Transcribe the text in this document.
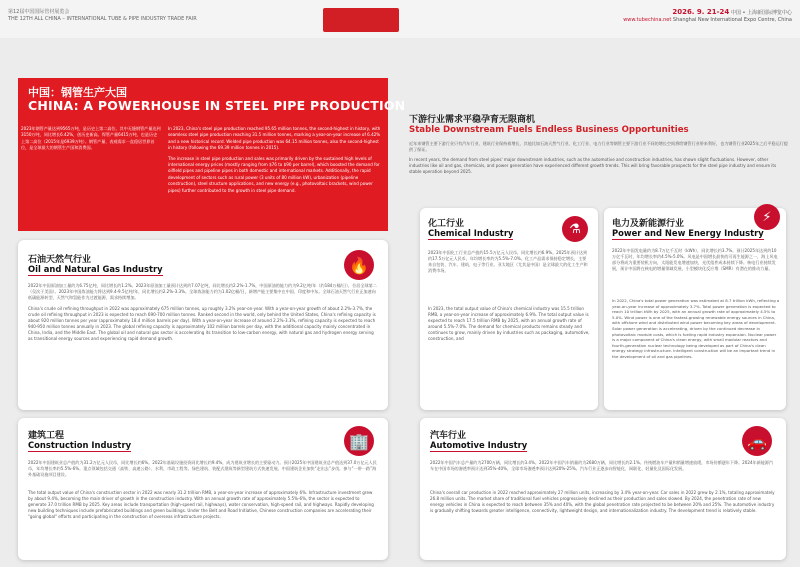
第12届中国国际管材展览会
THE 12TH ALL CHINA – INTERNATIONAL TUBE & PIPE INDUSTRY TRADE FAIR
2026. 9. 21-24 中国 • 上海新国际博览中心
www.tubechina.net Shanghai New International Expo Centre, China
中国：钢管生产大国
CHINA: A POWERHOUSE IN STEEL PIPE PRODUCTION
2023年钢管产量达到9565万吨，是历史上第二高位。其中无缝钢管产量达到3150万吨，同比增长6.42%，创历史新高。焊管产量6415万吨，也是历史上第二高位（2015年是6939万吨）。钢管产量、表观需求一直稳居世界首位，是全球最大的钢管生产国和消费国。
In 2023, China's steel pipe production reached 95.65 million tonnes, the second-highest in history, with seamless steel pipe production reaching 31.5 million tonnes, marking a year-on-year increase of 6.42% and a new historical record. Welded pipe production was 64.15 million tonnes, also the second-highest in history (following the 69.39 million tonnes in 2015).
The increase in steel pipe production and sales was primarily driven by the sustained high levels of international energy prices (mostly ranging from $76 to $90 per barrel), which boosted the demand for oilfield pipes and pipeline pipes in both domestic and international markets. Additionally, the rapid development of sectors such as rural power (3 units of 80 million kW), urbanization (pipeline construction), steel structure applications, and new energy (e.g., photovoltaic brackets, wind power pipes) further contributed to the growth in steel pipe demand.
下游行业需求平稳孕育无限商机
Stable Downstream Fuels Endless Business Opportunities
近年来钢管主要下游行业只有汽车行业、建筑行业保持着增长，其他比如石油天然气行业、化工行业、电力行业等钢管主要下游行业不同的增长空间将给钢管行业带来利好，也为钢管行业2025年之后平稳运行提供了保证。
In recent years, the demand from steel pipes' major downstream industries, such as the automotive and construction industries, has shown slight fluctuations. However, other industries like oil and gas, chemicals, and power generation have experienced different growth trends. This will bring favorable prospects for the steel pipe industry and ensure its stable operation beyond 2025.
石油天然气行业
Oil and Natural Gas Industry	🔥
2022年中国原油加工量约为6.75亿吨，同比增长约1.2%。2023年原油加工量预计达到约7.07亿吨，同比增长约2.2%-1.7%，中国原油的能力约为9.2亿吨/年（约184万桶/日），位居全球第二（仅次于美国）。2023年中国炼油能力将达到9.4-9.5亿吨/年，同比增长约2.2%-3.3%。全球炼油能力约为1.02亿桶/日，新增产能主要集中在中国、印度和中东。全球石油天然气行业正加速向低碳能源转型，天然气和氢能作为过渡能源，需求持续增加。
China's crude oil refining throughput in 2022 was approximately 675 million tonnes, up roughly 3.2% year-on-year. With a year-on-year growth of about 2.2%-3.7%, the crude oil refining throughput in 2023 is expected to reach 690-700 million tonnes. Ranked second in the world, only behind the United States, China's refining capacity is about 920 million tonnes per year (approximately 18.4 million barrels per day). With a year-on-year increase of around 2.2%-3.3%, refining capacity is expected to reach 940-950 million tonnes annually in 2023. The global refining capacity is approximately 102 million barrels per day, with the additional capacity mainly concentrated in China, India, and the Middle East. The global oil and natural gas sector is accelerating its transition to low-carbon energy, with natural gas and hydrogen energy serving as transitional energy sources and experiencing rapid demand growth.
化工行业
Chemical Industry	⚗
2023年中国化工行业总产值约15.5万亿元人民币，同比增长约6.9%。2025年预计达到约17.5万亿元人民币，年均增长率约为5.5%-7.0%。化工产品需求保持稳定增长，主要来自包装、汽车、建筑、电子等行业。亚太地区（尤其是中国）是全球最大的化工生产和消费市场。
In 2023, the total output value of China's chemical industry was 15.5 trillion RMB, a year-on-year increase of approximately 6.9%. The total output value is expected to reach 17.5 trillion RMB by 2025, with an annual growth rate of around 5.5%-7.0%. The demand for chemical products remains steady and continues to grow, mainly driven by industries such as packaging, automotive, construction, and
电力及新能源行业
Power and New Energy Industry
⚡
2022年中国发电量约为8.7万亿千瓦时（kWh），同比增长约3.7%。预计2025年达到约10万亿千瓦时，年均增长率约4.5%-5.0%。风电是中国增长最快的可再生能源之一，海上风电部分将成为重要装机方向，太阳能发电增速加快，光伏组件成本持续下降。核电行业持续发展，预计中国将在核电的增量领域发展，小型模块化反应堆（SMR）有潜在的推动力量。
In 2022, China's total power generation was estimated at 8.7 trillion kWh, reflecting a year-on-year increase of approximately 3.7%. Total power generation is expected to reach 10 trillion kWh by 2025, with an annual growth rate of approximately 4.5% to 5.0%. Wind power is one of the fastest-growing renewable energy sources in China, with offshore wind and distributed wind power becoming key areas of development. Solar power generation is accelerating, driven by the continued decrease in photovoltaic module costs, which is fueling rapid industry expansion. Nuclear power is a major component of China's clean energy, with small modular reactors and fourth-generation nuclear technology being developed as part of China's clean energy strategy infrastructure. Intelligent construction will be an important trend in the development of oil and gas pipelines.
建筑工程
Construction Industry	🏢
2022年中国建筑业总产值约为31.2万亿元人民币，同比增长约6%。2022年基础设施投资同比增长约9.4%，成为建筑业增长的主要驱动力。预计2025年中国建筑业总产值达到37.0万亿元人民币，年均增长率约5.5%-6%。重点领域包括交通（高铁、高速公路）、水利、市政工程等。绿色建筑、装配式建筑等新型建筑方式快速发展。中国建筑企业加快“走出去”步伐，参与“一带一路”海外基础设施项目建设。
The total output value of China's construction sector in 2022 was nearly 31.2 trillion RMB, a year-on-year increase of approximately 6%. Infrastructure investment grew by about 9.4%, becoming the main driver of growth in the construction industry. With an annual growth rate of approximately 5.5%-6%, the sector is expected to generate 37.0 trillion RMB by 2025. Key areas include transportation (high-speed rail, highways), water conservation, high-speed rail, and highways. Rapidly developing new building techniques include prefabricated buildings and green buildings. Under the Belt and Road Initiative, Chinese construction companies are accelerating their "going global" efforts and participating in the construction of overseas infrastructure projects.
汽车行业
Automotive Industry	🚗
2022年中国汽车总产量约为2700万辆，同比增长约3.4%。2022年中国汽车销量约为2680万辆，同比增长约2.1%。传统燃油车产量和销量增速放缓，市场份额逐年下降。2024年新能源汽车在中国市场的渗透率预计达到35%-40%，全球市场渗透率预计达到20%-25%。汽车行业正逐步向智能化、网联化、轻量化及国际化发展。
China's overall car production in 2022 reached approximately 27 million units, increasing by 3.4% year-on-year. Car sales in 2022 grew by 2.1%, totaling approximately 26.8 million units. The market share of traditional fuel vehicles progressively declined as their production and sales slowed. By 2024, the penetration rate of new energy vehicles in China is expected to reach between 35% and 40%, with the global penetration rate projected to be between 20% and 25%. The automotive industry is gradually shifting towards greater intelligence, connectivity, lightweight design, and internationalization industry. The development trend is relatively stable.
